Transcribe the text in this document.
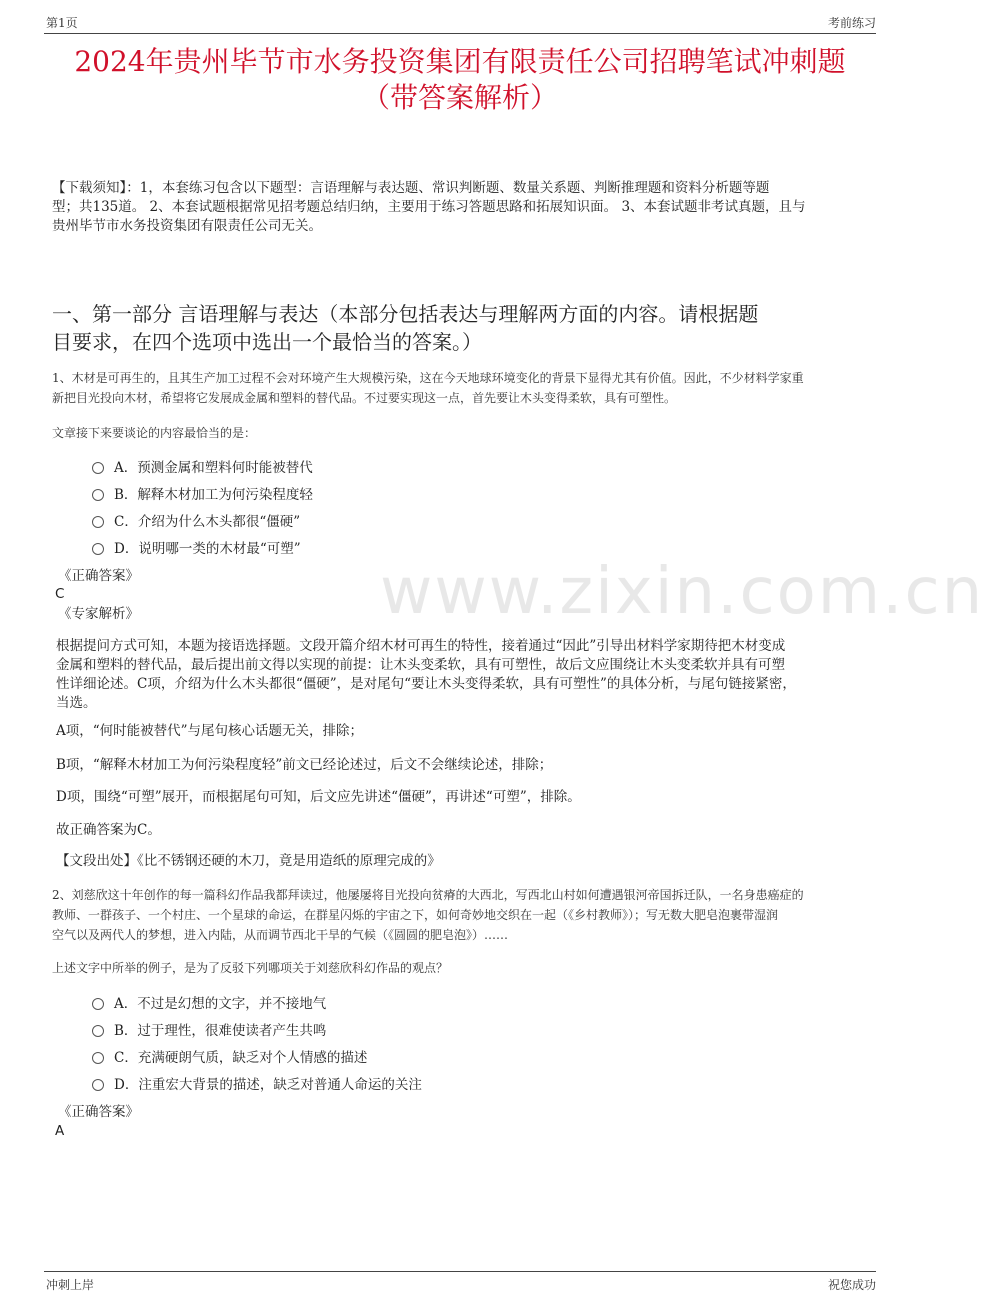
第1页	考前练习
www.zixin.com.cn
2024年贵州毕节市水务投资集团有限责任公司招聘笔试冲刺题
（带答案解析）
【下载须知】：1，本套练习包含以下题型：言语理解与表达题、常识判断题、数量关系题、判断推理题和资料分析题等题
型；共135道。 2、本套试题根据常见招考题总结归纳，主要用于练习答题思路和拓展知识面。 3、本套试题非考试真题，且与
贵州毕节市水务投资集团有限责任公司无关。
一、第一部分 言语理解与表达（本部分包括表达与理解两方面的内容。请根据题
目要求，在四个选项中选出一个最恰当的答案。）
1、木材是可再生的，且其生产加工过程不会对环境产生大规模污染，这在今天地球环境变化的背景下显得尤其有价值。因此，不少材料学家重
新把目光投向木材，希望将它发展成金属和塑料的替代品。不过要实现这一点，首先要让木头变得柔软，具有可塑性。
文章接下来要谈论的内容最恰当的是：
A．预测金属和塑料何时能被替代
B．解释木材加工为何污染程度轻
C．介绍为什么木头都很“僵硬”
D．说明哪一类的木材最“可塑”
《正确答案》
C
《专家解析》
根据提问方式可知，本题为接语选择题。文段开篇介绍木材可再生的特性，接着通过“因此”引导出材料学家期待把木材变成
金属和塑料的替代品，最后提出前文得以实现的前提：让木头变柔软，具有可塑性，故后文应围绕让木头变柔软并具有可塑
性详细论述。C项，介绍为什么木头都很“僵硬”，是对尾句“要让木头变得柔软，具有可塑性”的具体分析，与尾句链接紧密，
当选。
A项，“何时能被替代”与尾句核心话题无关，排除；
B项，“解释木材加工为何污染程度轻”前文已经论述过，后文不会继续论述，排除；
D项，围绕“可塑”展开，而根据尾句可知，后文应先讲述“僵硬”，再讲述“可塑”，排除。
故正确答案为C。
【文段出处】《比不锈钢还硬的木刀，竟是用造纸的原理完成的》
2、刘慈欣这十年创作的每一篇科幻作品我都拜读过，他屡屡将目光投向贫瘠的大西北，写西北山村如何遭遇银河帝国拆迁队，一名身患癌症的
教师、一群孩子、一个村庄、一个星球的命运，在群星闪烁的宇宙之下，如何奇妙地交织在一起（《乡村教师》）；写无数大肥皂泡裹带湿润
空气以及两代人的梦想，进入内陆，从而调节西北干旱的气候（《圆圆的肥皂泡》）……
上述文字中所举的例子，是为了反驳下列哪项关于刘慈欣科幻作品的观点？
A．不过是幻想的文字，并不接地气
B．过于理性，很难使读者产生共鸣
C．充满硬朗气质，缺乏对个人情感的描述
D．注重宏大背景的描述，缺乏对普通人命运的关注
《正确答案》
A
冲刺上岸	祝您成功
